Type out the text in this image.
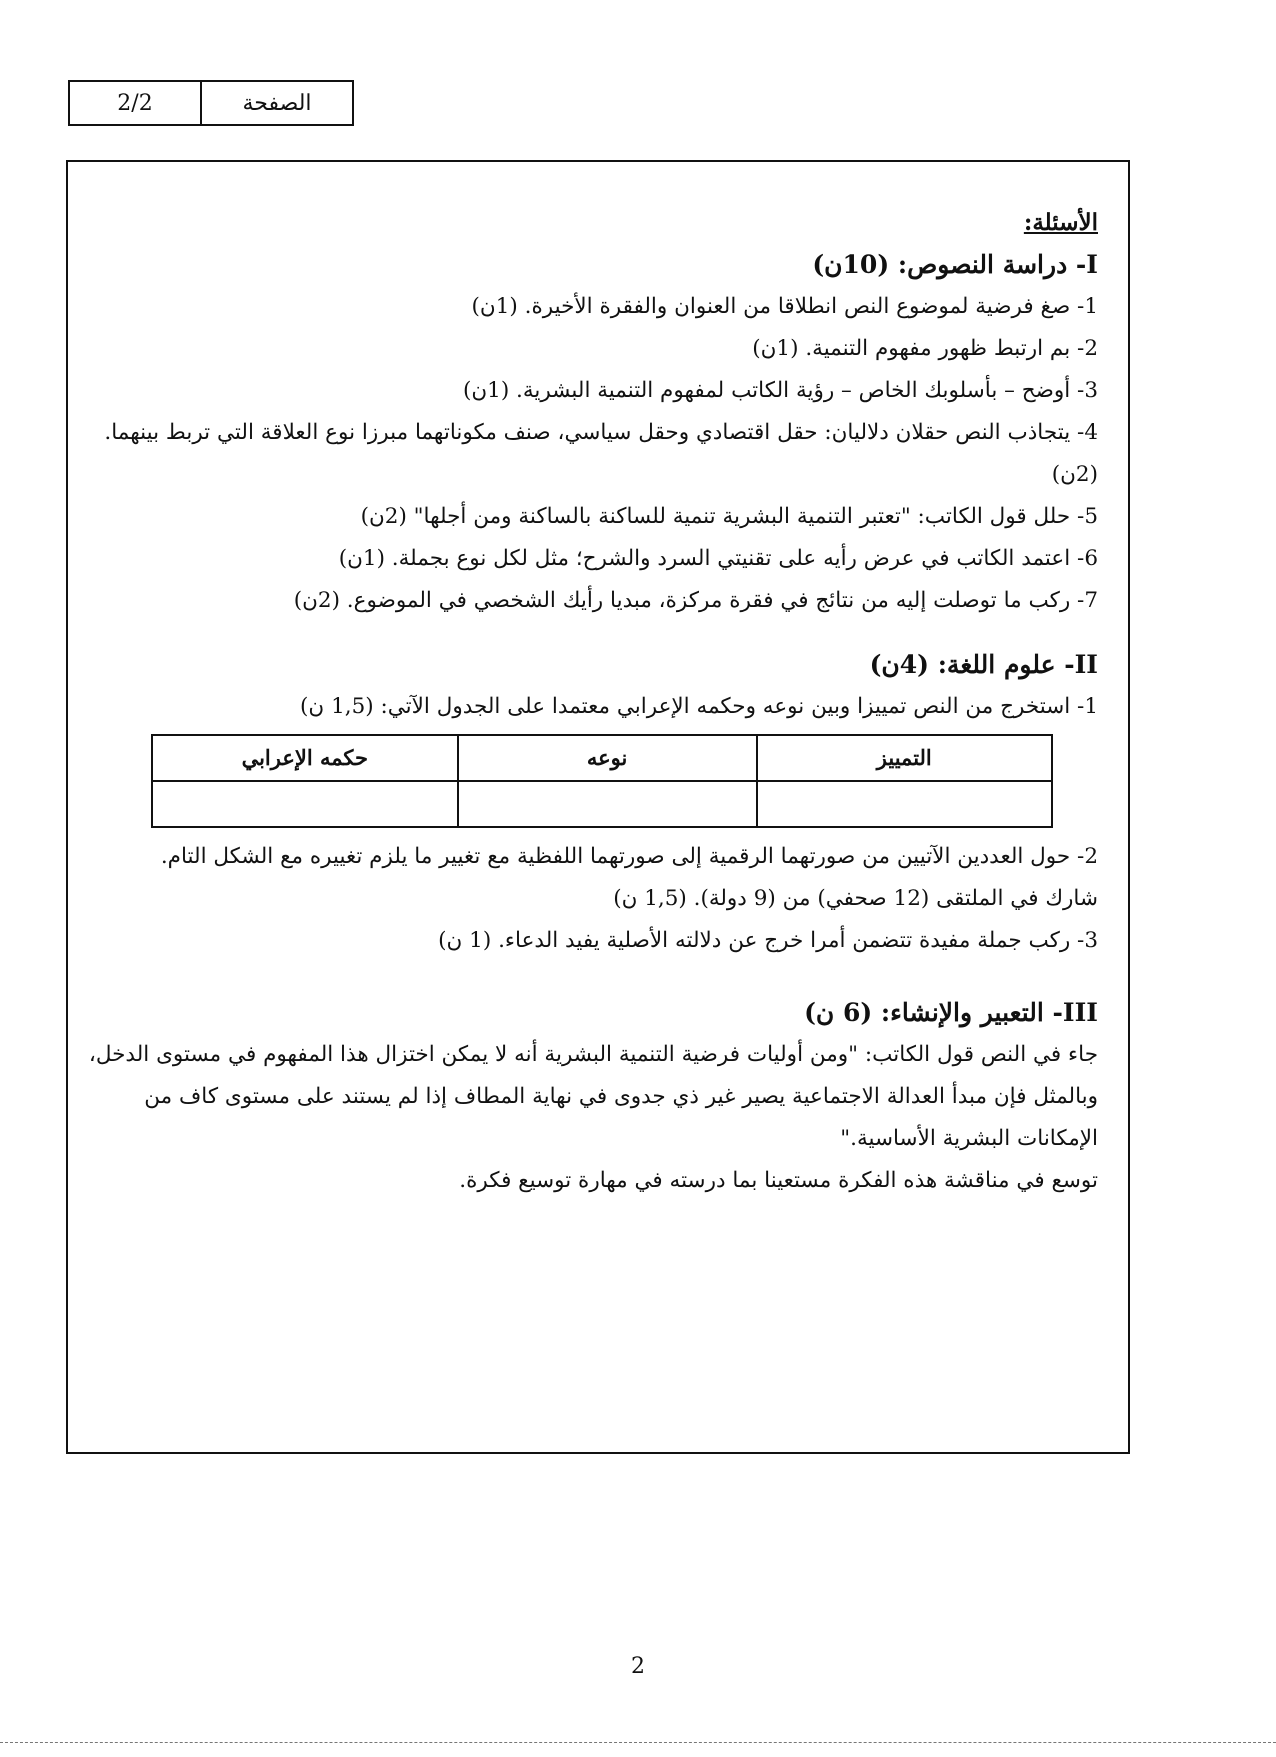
2/2	الصفحة
الأسئلة:
I- دراسة النصوص: (10ن)
1- صغ فرضية لموضوع النص انطلاقا من العنوان والفقرة الأخيرة. (1ن)
2- بم ارتبط ظهور مفهوم التنمية. (1ن)
3- أوضح – بأسلوبك الخاص – رؤية الكاتب لمفهوم التنمية البشرية. (1ن)
4- يتجاذب النص حقلان دلاليان: حقل اقتصادي وحقل سياسي، صنف مكوناتهما مبرزا نوع العلاقة التي تربط بينهما. (2ن)
5- حلل قول الكاتب: "تعتبر التنمية البشرية تنمية للساكنة بالساكنة ومن أجلها" (2ن)
6- اعتمد الكاتب في عرض رأيه على تقنيتي السرد والشرح؛ مثل لكل نوع بجملة. (1ن)
7- ركب ما توصلت إليه من نتائج في فقرة مركزة، مبديا رأيك الشخصي في الموضوع. (2ن)
II- علوم اللغة: (4ن)
1- استخرج من النص تمييزا وبين نوعه وحكمه الإعرابي معتمدا على الجدول الآتي: (1,5 ن)
التمييز	نوعه	حكمه الإعرابي

2- حول العددين الآتيين من صورتهما الرقمية إلى صورتهما اللفظية مع تغيير ما يلزم تغييره مع الشكل التام.
شارك في الملتقى (12 صحفي) من (9 دولة). (1,5 ن)
3- ركب جملة مفيدة تتضمن أمرا خرج عن دلالته الأصلية يفيد الدعاء. (1 ن)
III- التعبير والإنشاء: (6 ن)
جاء في النص قول الكاتب: "ومن أوليات فرضية التنمية البشرية أنه لا يمكن اختزال هذا المفهوم في مستوى الدخل، وبالمثل فإن مبدأ العدالة الاجتماعية يصير غير ذي جدوى في نهاية المطاف إذا لم يستند على مستوى كاف من الإمكانات البشرية الأساسية."
توسع في مناقشة هذه الفكرة مستعينا بما درسته في مهارة توسيع فكرة.
2
